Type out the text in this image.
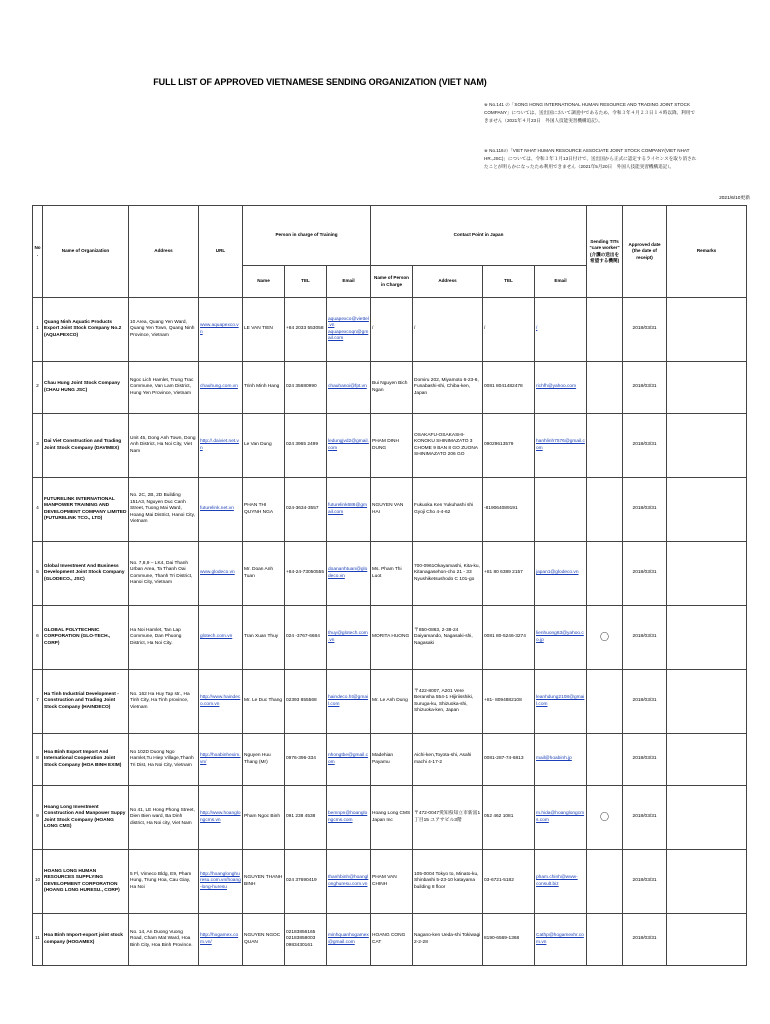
FULL LIST OF APPROVED VIETNAMESE SENDING ORGANIZATION (VIET NAM)
※ No.141 の「SONG HONG INTERNATIONAL HUMAN RESOURCE AND TRADING JOINT STOCK COMPANY」については、送出国において調査中であるため、令和３年４月２３日１４時以降、利用できません（2021年４月23日　外国人技能実習機構追記）。
※ No.116の「VIET NHAT HUMAN RESOURCE ASSOCIATE JOINT STOCK COMPANY(VIET NHAT HR.,JSC)」については、令和３年１月13日付けで、送出国から正式に認定するライセンスを取り消されたことが明らかになったため利用できません（2021年5月20日　外国人技能実習機構追記）。
2021/6/10更新
No.	Name of Organization	Address	URL	Person in charge of Training			Contact Point in Japan				Sending TITs "care worker" (介護の送出を希望する機関)	Approved date (the date of receipt)	Remarks
				Name	TEL	Email	Name of Person in Charge	Address	TEL	Email			
1	Quang Ninh Aquatic Products Export Joint Stock Company No.2 (AQUAPEXCO)	10 Area, Quang Yen Ward, Quang Yen Town, Quang Ninh Province, Vietnam	www.aquapexco.vn	LE VAN TIEN	+84 2033 553058	aquapexco@viettel.vn aquapexcoqn@gmail.com	/	/	/	/		2018/03/31	
2	Chau Hung Joint Stock Company (CHAU HUNG JSC)	Ngoc Lich Hamlet, Trung Trac Commune, Van Lam District, Hung Yen Province, Vietnam	chauhung.com.vn	Trinh Minh Hang	024 35680990	chauhanoi@fpt.vn	Bui Nguyen Bich Ngan	Domiru 202, Miyamoto 6-23-6, Funabashi-shi, Chiba-ken, Japan	0081 8041482478	richfh@yahoo.com		2018/03/31	
3	Dai Viet Construction and Trading Joint Stock Company (DAVIMEX)	Unit 45, Dong Anh Town, Dong Anh District, Ha Noi City, Viet Nam	http://.daiviet.net.vn	Le Van Dung	024 3965 2499	ledungjvd2@gmail.com	PHAM DINH DUNG	OSAKAFU-OSAKASHI-KONOKU SHINIMAZATO 3 CHOME 9 BAN 8 GO ZUONA SHINIMAZATO 206 GO	09029613579	hanhlinh7576@gmail.com		2018/03/31	
4	FUTURELINK INTERNATIONAL MANPOWER TRAINING AND DEVELOPMENT COMPANY LIMITED (FUTURELINK TCO., LTD)	No. 2C, 2B, 2D Building 151A3, Nguyen Duc Canh Street, Tuong Mai Ward, Hoang Mai District, Hanoi City, Vietnam	futurelink.net.vn	PHAN THI QUYNH NGA	024-3634-3557	futurelink686@gmail.com	NGUYEN VAN HAI	Fukuoka Ken Yukuhashi shi Gyoji Cho 4-4-62	-819064089191			2018/03/31	
5	Global Investment And Business Development Joint Stock Company (GLODECO., JSC)	No. 7,8,9 – LK4, Dai Thanh Urban Area, Ta Thanh Oai Commune, Thanh Tri District, Hanoi City, Vietnam	www.glodeco.vn	Mr. Doan Anh Tuan	+84-24-73050555	doananhtuan@glodeco.vn	Ms. Pham Thi Luot	700-0961Okayamashi, Kita-ku, Kitanagasehon-cho 21 - 33 Nyushiketsushodo C 101-go	+81 80 6389 2157	japan1@glodeco.vn		2018/03/31	
6	GLOBAL POLYTECHNIC CORPORATION (GLO-TECH., CORP)	Ha Noi Hamlet, Tan Lap Commune, Dan Phuong District, Ha Noi City.	glotech.com.vn	Tran Xuan Thuy	024 -3767-6684	thuy@glotech.com.vn	MORITA HUONG	〒850-0863, 2-38-24 Daiyamando, Nagasaki-shi, Nagasaki	0081 80-5246-3274	lienhuong63@yahoo.co.jp	〇	2018/03/31	
7	Ha Tinh Industrial Development - Construction and Trading Joint Stock Company (HAINDECO)	No. 162 Ha Huy Tap str., Ha Tinh City, Ha Tinh province, Vietnam	http://www.haindeco.com.vn	Mr. Le Duc Thang	02393 855568	haindeco.ht@gmail.com	Mr. Le Anh Dung	〒422-8007, A201 Vere Beransha 554-1 Hijiriisshiki, Suruga-ku, Shizuoka-shi, Shizuoka-ken, Japan	+81- 8094882108	leanhdung2108@gmail.com		2018/03/31	
8	Hoa Binh Export Import And International Cooperation Joint Stock Company (HOA BINH EXIM)	No 102D Duong Ngo Hamlet,Tu Hiep Village,Thanh Tri Dist, Ha Noi City, Vietnam	http://hoabinhexim.vn/	Nguyen Huu Thang (Mr)	0976-396-334	nhongtbe@gmail.com	Madehian Payamu	Aichi-ken,Toyota-shi, Asahi machi 4-17-2	0081-287-74-6813	mail@hoabinh.jp		2018/03/31	
9	Hoang Long Investment Construction And Manpower Suppy Joint Stock Company (HOANG LONG CMS)	No 41, LE Hong Phong Street, Dien Bien ward, Ba Dinh district, Ha Noi city, Viet Nam	http://www.hoanglongcms.vn	Pham Ngoc Binh	091 238 4538	bemnpn@hoanglongcms.com	Hoang Long CMS Japan Inc	〒472-0047愛知県知立市新富1丁目15 ユアサビル3階	052 462 1081	m.hida@hoanglongcms.com	〇	2018/03/31	
10	HOANG LONG HUMAN RESOURCES SUPPLYING DEVELOPMENT CORPORATION (HOANG LONG HURESU., CORP)	5 Fl, Vimeco Bldg, E9, Pham Hung, Trung Hoa, Cau Giay, Ha Noi	http://hoanglonghuresu.com.vn/hoang-long-huresu	NGUYEN THANH BINH	024 37690419	thanhbinh@hoanglonghuresu.com.vn	PHAM VAN CHINH	105-0004 Tokyo to, Minato-ku, Shinbashi 5-23-10 katayama building 8 floor	03-6721-5182	pham.chinh@www-consult.biz		2018/03/31	
11	Hoa Binh Import-export joint stock company (HOGAMEX)	No. 14, An Duong Vuong Road, Cham Mat Ward, Hoa Binh City, Hoa Binh Province.	http://hogamex.com.vn/	NGUYEN NGOC QUAN	02183856165 02183858003 0983430161	minhquanhogamex@gmail.com	HOANG CONG CAT	Nagano-ken Ueda-shi Tokiwagi 2-2-28	8190-6569-1368	Cathp@hogamexhr.com.vn		2018/03/31	
